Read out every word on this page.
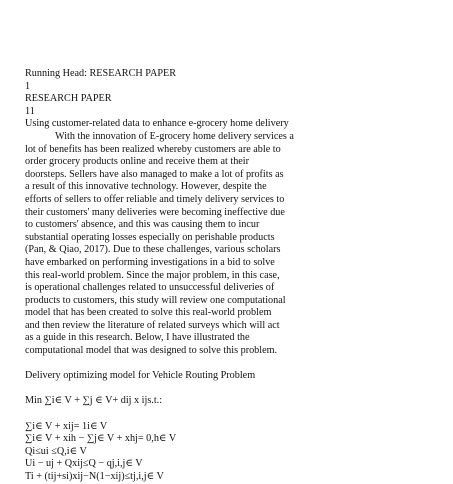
Running Head: RESEARCH PAPER
1
RESEARCH PAPER
11
Using customer-related data to enhance e-grocery home delivery
With the innovation of E-grocery home delivery services a
lot of benefits has been realized whereby customers are able to
order grocery products online and receive them at their
doorsteps. Sellers have also managed to make a lot of profits as
a result of this innovative technology. However, despite the
efforts of sellers to offer reliable and timely delivery services to
their customers' many deliveries were becoming ineffective due
to customers' absence, and this was causing them to incur
substantial operating losses especially on perishable products
(Pan, & Qiao, 2017). Due to these challenges, various scholars
have embarked on performing investigations in a bid to solve
this real-world problem. Since the major problem, in this case,
is operational challenges related to unsuccessful deliveries of
products to customers, this study will review one computational
model that has been created to solve this real-world problem
and then review the literature of related surveys which will act
as a guide in this research. Below, I have illustrated the
computational model that was designed to solve this problem.
Delivery optimizing model for Vehicle Routing Problem
Min ∑i∈ V + ∑j ∈ V+ dij x ijs.t.:
∑i∈ V + xij= 1i∈ V
∑i∈ V + xih − ∑j∈ V + xhj= 0,h∈ V
Qi≤ui ≤Q,i∈ V
Ui − uj + Qxij≤Q − qj,i,j∈ V
Ti + (tij+si)xij−N(1−xij)≤tj,i,j∈ V
